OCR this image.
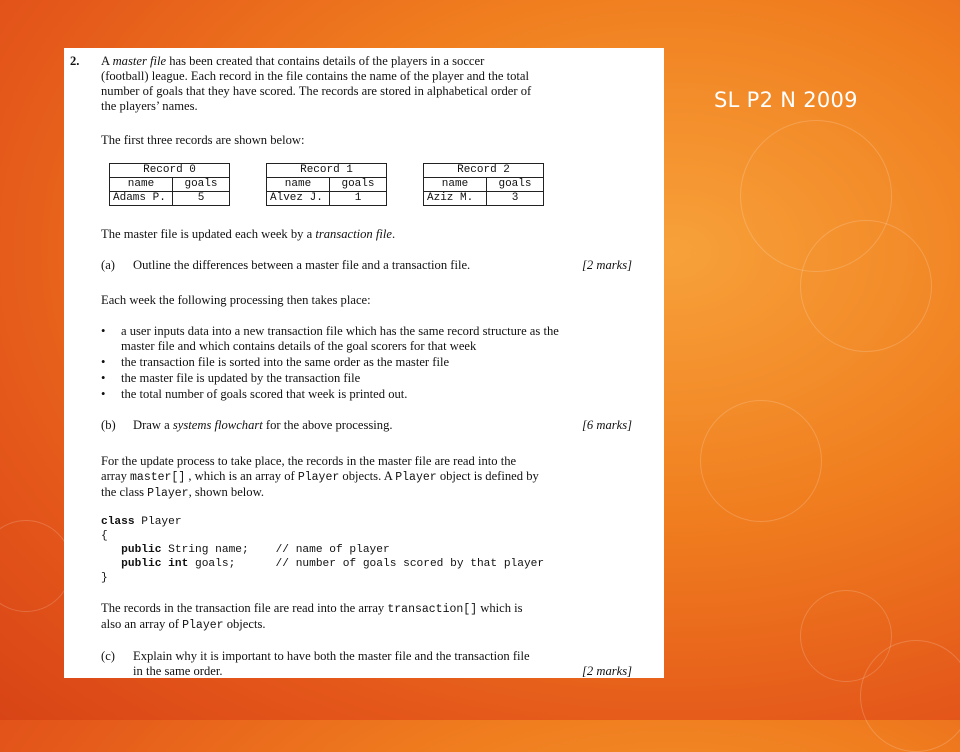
SL P2 N 2009
2. A master file has been created that contains details of the players in a soccer
(football) league. Each record in the file contains the name of the player and the total
number of goals that they have scored. The records are stored in alphabetical order of
the players’ names.
The first three records are shown below:
Record 0	
name	goals
Adams P.	5
Record 1	
name	goals
Alvez J.	1
Record 2	
name	goals
Aziz M.	3
The master file is updated each week by a transaction file.
(a) Outline the differences between a master file and a transaction file.	[2 marks]
Each week the following processing then takes place:
• a user inputs data into a new transaction file which has the same record structure as the master file and which contains details of the goal scorers for that week
• the transaction file is sorted into the same order as the master file
• the master file is updated by the transaction file
• the total number of goals scored that week is printed out.
(b) Draw a systems flowchart for the above processing.	[6 marks]
For the update process to take place, the records in the master file are read into the
array master[] , which is an array of Player objects. A Player object is defined by
the class Player, shown below.
class Player
{
public String name;    // name of player
public int goals;      // number of goals scored by that player
}
The records in the transaction file are read into the array transaction[] which is
also an array of Player objects.
(c) Explain why it is important to have both the master file and the transaction file
in the same order.	[2 marks]
